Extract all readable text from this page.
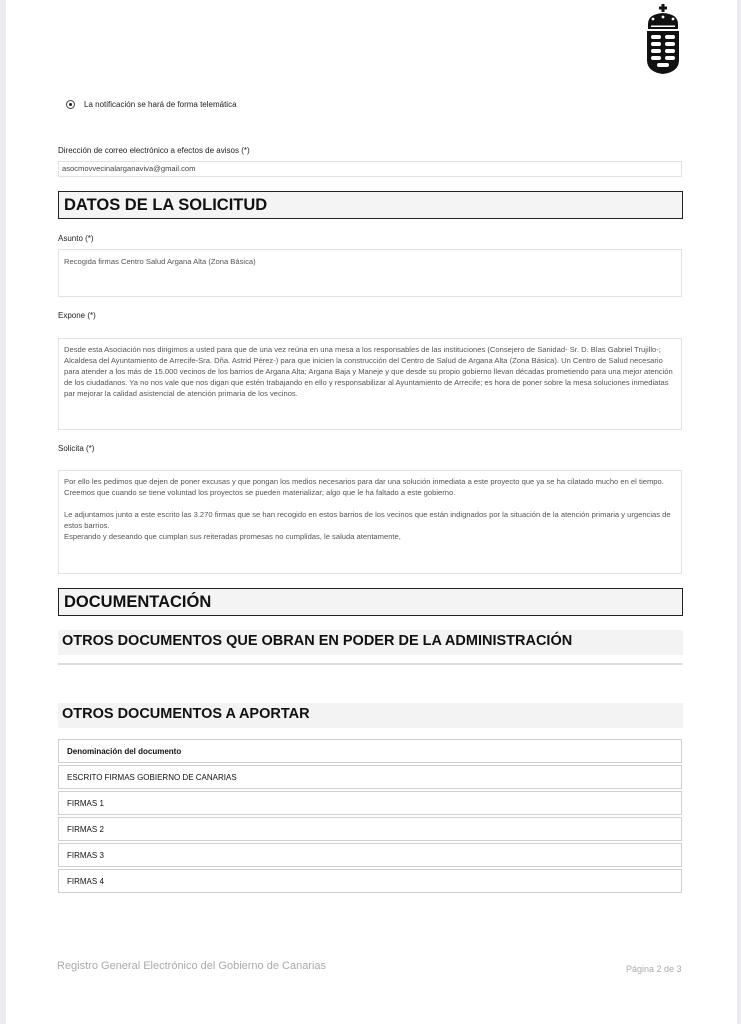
La notificación se hará de forma telemática
Dirección de correo electrónico a efectos de avisos (*)
asocmovvecinalarganaviva@gmail.com
DATOS DE LA SOLICITUD
Asunto (*)
Recogida firmas Centro Salud Argana Alta (Zona Básica)
Expone (*)
Desde esta Asociación nos dirigimos a usted para que de una vez reúna en una mesa a los responsables de las instituciones (Consejero de Sanidad- Sr. D. Blas Gabriel Trujillo-; Alcaldesa del Ayuntamiento de Arrecife-Sra. Dña. Astrid Pérez-) para que inicien la construcción del Centro de Salud de Argana Alta (Zona Básica). Un Centro de Salud necesario para atender a los más de 15.000 vecinos de los barrios de Argana Alta; Argana Baja y Maneje y que desde su propio gobierno llevan décadas prometiendo para una mejor atención de los ciudadanos. Ya no nos vale que nos digan que estén trabajando en ello y responsabilizar al Ayuntamiento de Arrecife; es hora de poner sobre la mesa soluciones inmediatas par mejorar la calidad asistencial de atención primaria de los vecinos.
Solicita (*)

Por ello les pedimos que dejen de poner excusas y que pongan los medios necesarios para dar una solución inmediata a este proyecto que ya se ha cilatado mucho en el tiempo. Creemos que cuando se tiene voluntad los proyectos se pueden materializar; algo que le ha faltado a este gobierno.

Le adjuntamos junto a este escrito las 3.270 firmas que se han recogido en estos barrios de los vecinos que están indignados por la situación de la atención primaria y urgencias de estos barrios.
Esperando y deseando que cumplan sus reiteradas promesas no cumplidas, le saluda atentamente,

DOCUMENTACIÓN
OTROS DOCUMENTOS QUE OBRAN EN PODER DE LA ADMINISTRACIÓN
OTROS DOCUMENTOS A APORTAR
Denominación del documento
ESCRITO FIRMAS GOBIERNO DE CANARIAS
FIRMAS 1
FIRMAS 2
FIRMAS 3
FIRMAS 4
Registro General Electrónico del Gobierno de Canarias	Página 2 de 3
